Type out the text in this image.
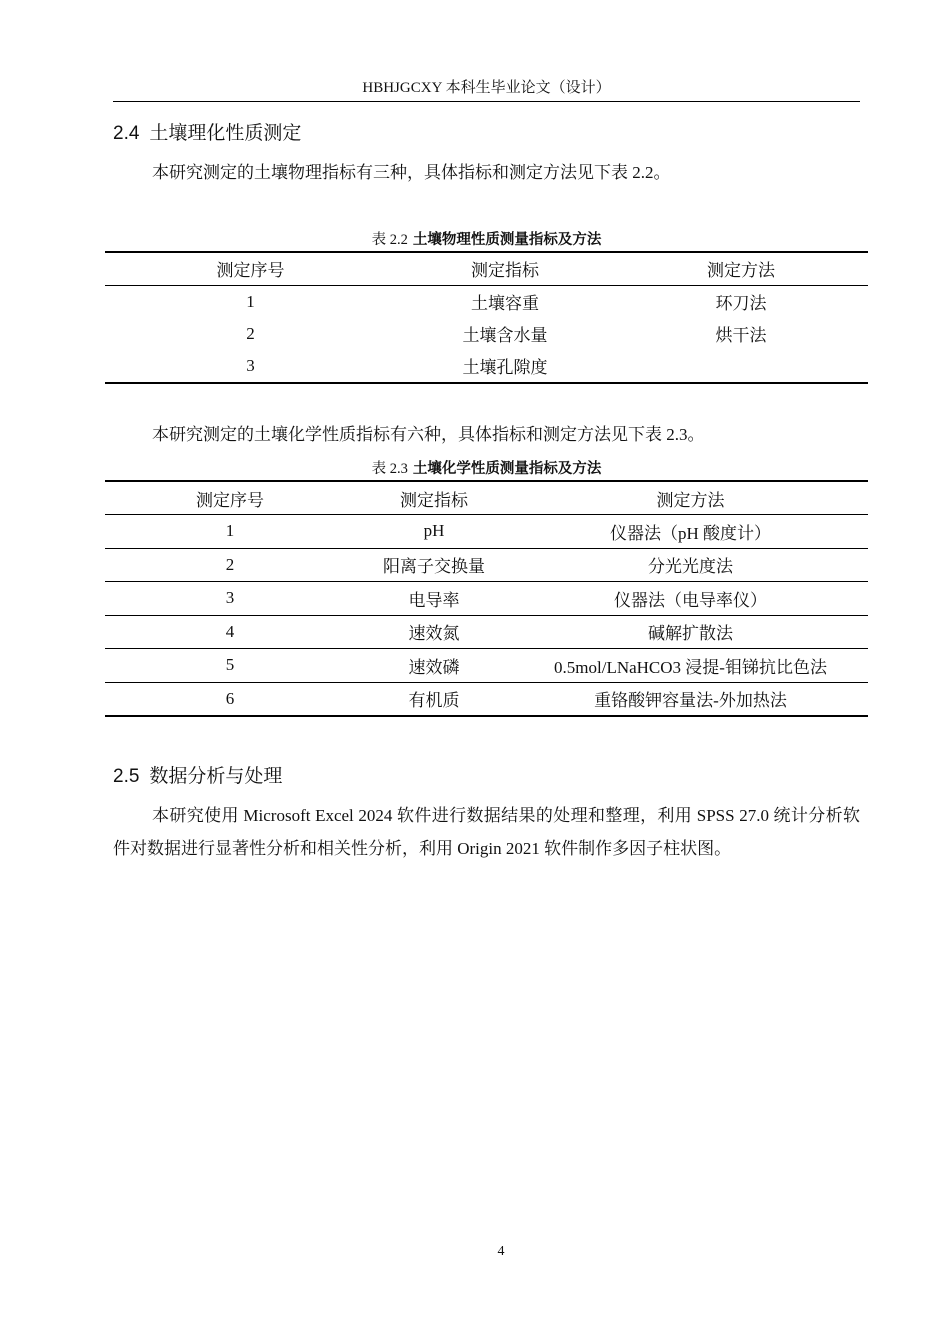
HBHJGCXY 本科生毕业论文（设计）
2.4 土壤理化性质测定

本研究测定的土壤物理指标有三种，具体指标和测定方法见下表 2.2。

表 2.2 土壤物理性质测量指标及方法
测定序号	测定指标	测定方法
1	土壤容重	环刀法
2	土壤含水量	烘干法
3	土壤孔隙度	

本研究测定的土壤化学性质指标有六种，具体指标和测定方法见下表 2.3。

表 2.3 土壤化学性质测量指标及方法
测定序号	测定指标	测定方法
1	pH	仪器法（pH 酸度计）
2	阳离子交换量	分光光度法
3	电导率	仪器法（电导率仪）
4	速效氮	碱解扩散法
5	速效磷	0.5mol/LNaHCO3 浸提-钼锑抗比色法
6	有机质	重铬酸钾容量法-外加热法
2.5 数据分析与处理

本研究使用 Microsoft Excel 2024 软件进行数据结果的处理和整理，利用 SPSS 27.0 统计分析软件对数据进行显著性分析和相关性分析，利用 Origin 2021 软件制作多因子柱状图。

4
